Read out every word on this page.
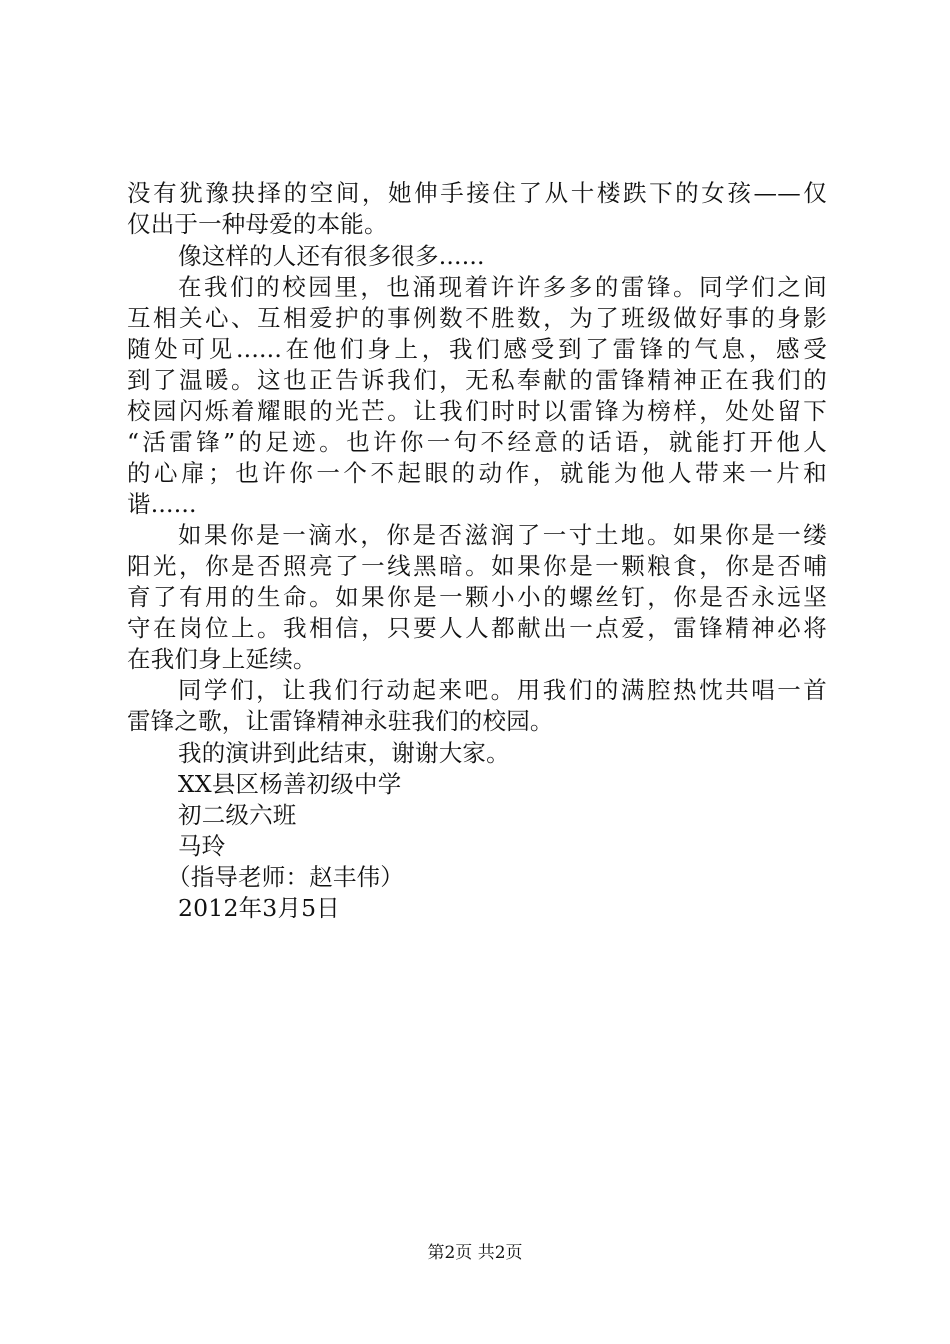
没有犹豫抉择的空间，她伸手接住了从十楼跌下的女孩——仅
仅出于一种母爱的本能。
像这样的人还有很多很多......
在我们的校园里，也涌现着许许多多的雷锋。同学们之间
互相关心、互相爱护的事例数不胜数，为了班级做好事的身影
随处可见......在他们身上，我们感受到了雷锋的气息，感受
到了温暖。这也正告诉我们，无私奉献的雷锋精神正在我们的
校园闪烁着耀眼的光芒。让我们时时以雷锋为榜样，处处留下
“活雷锋”的足迹。也许你一句不经意的话语，就能打开他人
的心扉；也许你一个不起眼的动作，就能为他人带来一片和
谐......
如果你是一滴水，你是否滋润了一寸土地。如果你是一缕
阳光，你是否照亮了一线黑暗。如果你是一颗粮食，你是否哺
育了有用的生命。如果你是一颗小小的螺丝钉，你是否永远坚
守在岗位上。我相信，只要人人都献出一点爱，雷锋精神必将
在我们身上延续。
同学们，让我们行动起来吧。用我们的满腔热忱共唱一首
雷锋之歌，让雷锋精神永驻我们的校园。
我的演讲到此结束，谢谢大家。
XX县区杨善初级中学
初二级六班
马玲
（指导老师：赵丰伟）
2012年3月5日
第2页 共2页
